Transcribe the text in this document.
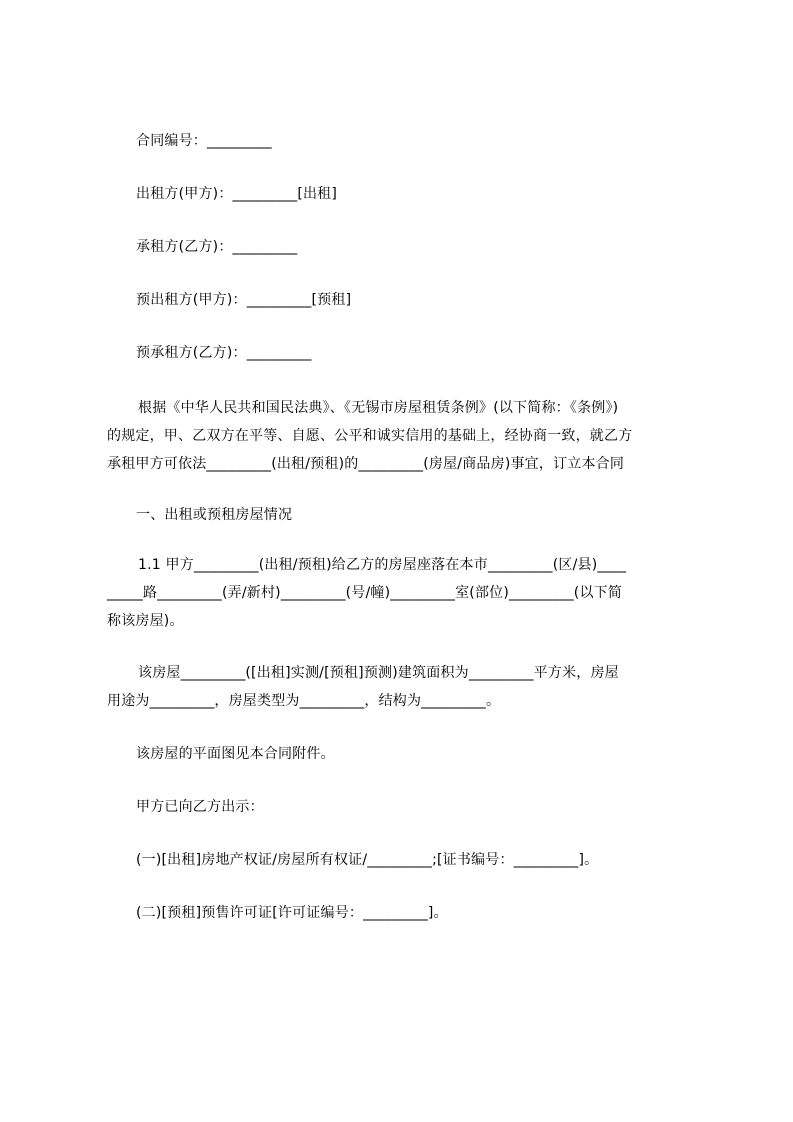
合同编号：_________
出租方(甲方)：_________[出租]
承租方(乙方)：_________
预出租方(甲方)：_________[预租]
预承租方(乙方)：_________
根据《中华人民共和国民法典》、《无锡市房屋租赁条例》(以下简称：《条例》)
的规定，甲、乙双方在平等、自愿、公平和诚实信用的基础上，经协商一致，就乙方
承租甲方可依法_________(出租/预租)的_________(房屋/商品房)事宜，订立本合同
一、出租或预租房屋情况
1.1 甲方_________(出租/预租)给乙方的房屋座落在本市_________(区/县)____
_____路_________(弄/新村)_________(号/幢)_________室(部位)_________(以下简
称该房屋)。
该房屋_________([出租]实测/[预租]预测)建筑面积为_________平方米，房屋
用途为_________，房屋类型为_________，结构为_________。
该房屋的平面图见本合同附件。
甲方已向乙方出示：
(一)[出租]房地产权证/房屋所有权证/_________;[证书编号：_________]。
(二)[预租]预售许可证[许可证编号：_________]。
